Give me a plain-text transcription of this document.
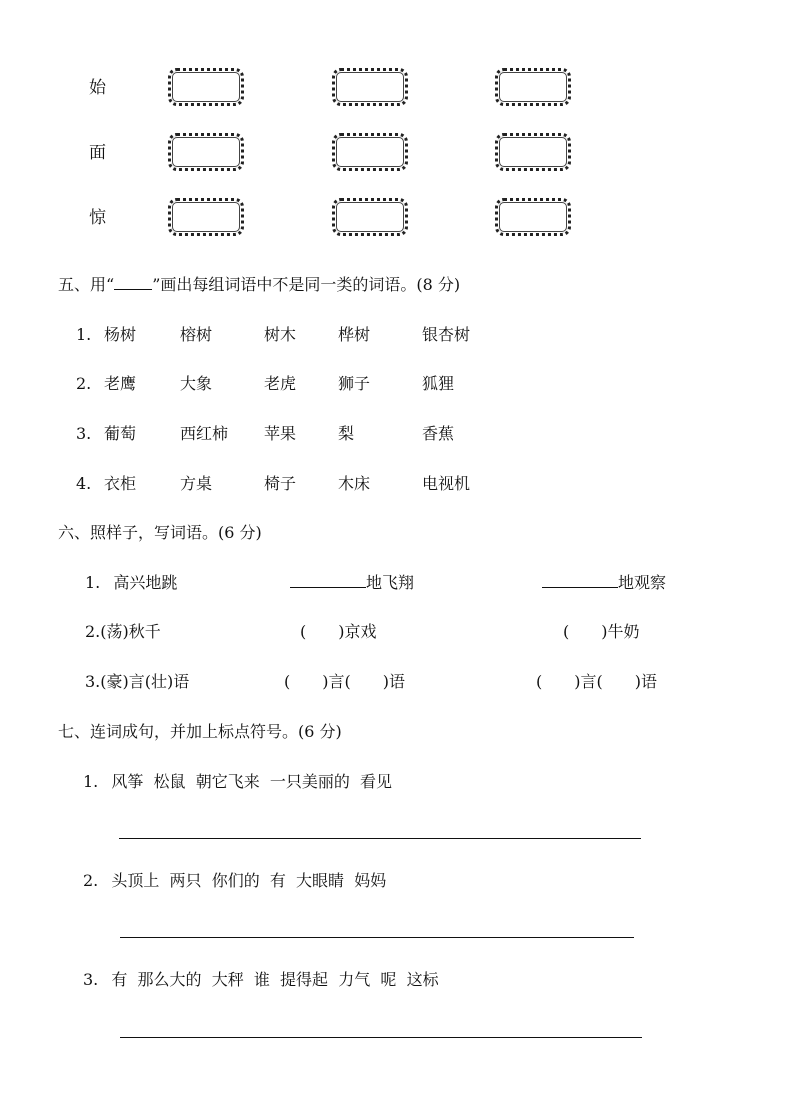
始
面
惊
五、用“ ”画出每组词语中不是同一类的词语。(8 分)
1. 杨树	榕树	树木	桦树	银杏树
2. 老鹰	大象	老虎	狮子	狐狸
3. 葡萄	西红柿 苹果	梨	香蕉
4. 衣柜	方桌	椅子	木床	电视机
六、照样子，写词语。(6 分)
1. 高兴地跳	地飞翔	地观察
2.(荡)秋千	(　　)京戏	(　　)牛奶
3.(豪)言(壮)语	(　　)言(　　)语	(　　)言(　　)语
七、连词成句，并加上标点符号。(6 分)
1. 风筝  松鼠  朝它飞来  一只美丽的  看见
2. 头顶上  两只  你们的  有  大眼睛  妈妈
3. 有  那么大的  大秤  谁  提得起  力气  呢  这标
